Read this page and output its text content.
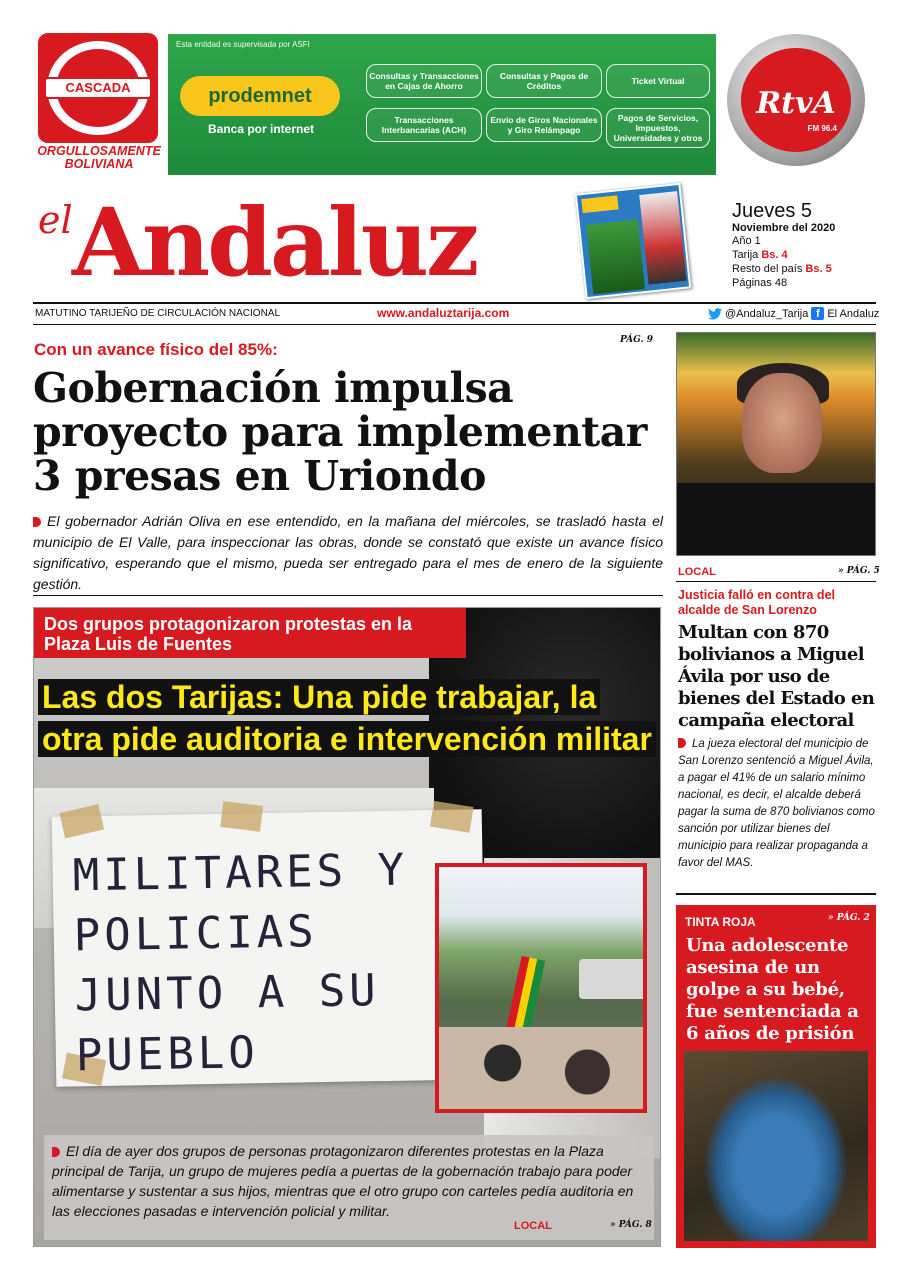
CASCADA
ORGULLOSAMENTE BOLIVIANA
Esta entidad es supervisada por ASFI
prodemnet
Banca por internet
Consultas y Transacciones en Cajas de Ahorro
Consultas y Pagos de Créditos	Ticket Virtual
Transacciones Interbancarias (ACH)
Envío de Giros Nacionales y Giro Relámpago
Pagos de Servicios, Impuestos, Universidades y otros
RtvA
FM 96.4
el Andaluz	Jueves 5
Noviembre del 2020
Año 1
Tarija Bs. 4
Resto del país Bs. 5
Páginas 48
MATUTINO TARIJEÑO DE CIRCULACIÓN NACIONAL	www.andaluztarija.com	@Andaluz_Tarija f El Andaluz
Con un avance físico del 85%:	PÁG. 9
Gobernación impulsa proyecto para implementar 3 presas en Uriondo
El gobernador Adrián Oliva en ese entendido, en la mañana del miércoles, se trasladó hasta el municipio de El Valle, para inspeccionar las obras, donde se constató que existe un avance físico significativo, esperando que el mismo, pueda ser entregado para el mes de enero de la siguiente gestión.
MILITARES Y POLICIAS JUNTO A SU PUEBLO
Dos grupos protagonizaron protestas en la Plaza Luis de Fuentes
Las dos Tarijas: Una pide trabajar, la otra pide auditoria e intervención militar
El día de ayer dos grupos de personas protagonizaron diferentes protestas en la Plaza principal de Tarija, un grupo de mujeres pedía a puertas de la gobernación trabajo para poder alimentarse y sustentar a sus hijos, mientras que el otro grupo con carteles pedía auditoria en las elecciones pasadas e intervención policial y militar.
LOCAL	» PÁG. 8
LOCAL	» PÁG. 5
Justicia falló en contra del alcalde de San Lorenzo
Multan con 870 bolivianos a Miguel Ávila por uso de bienes del Estado en campaña electoral
La jueza electoral del municipio de San Lorenzo sentenció a Miguel Ávila, a pagar el 41% de un salario mínimo nacional, es decir, el alcalde deberá pagar la suma de 870 bolivianos como sanción por utilizar bienes del municipio para realizar propaganda a favor del MAS.
TINTA ROJA	» PÁG. 2
Una adolescente asesina de un golpe a su bebé, fue sentenciada a 6 años de prisión
